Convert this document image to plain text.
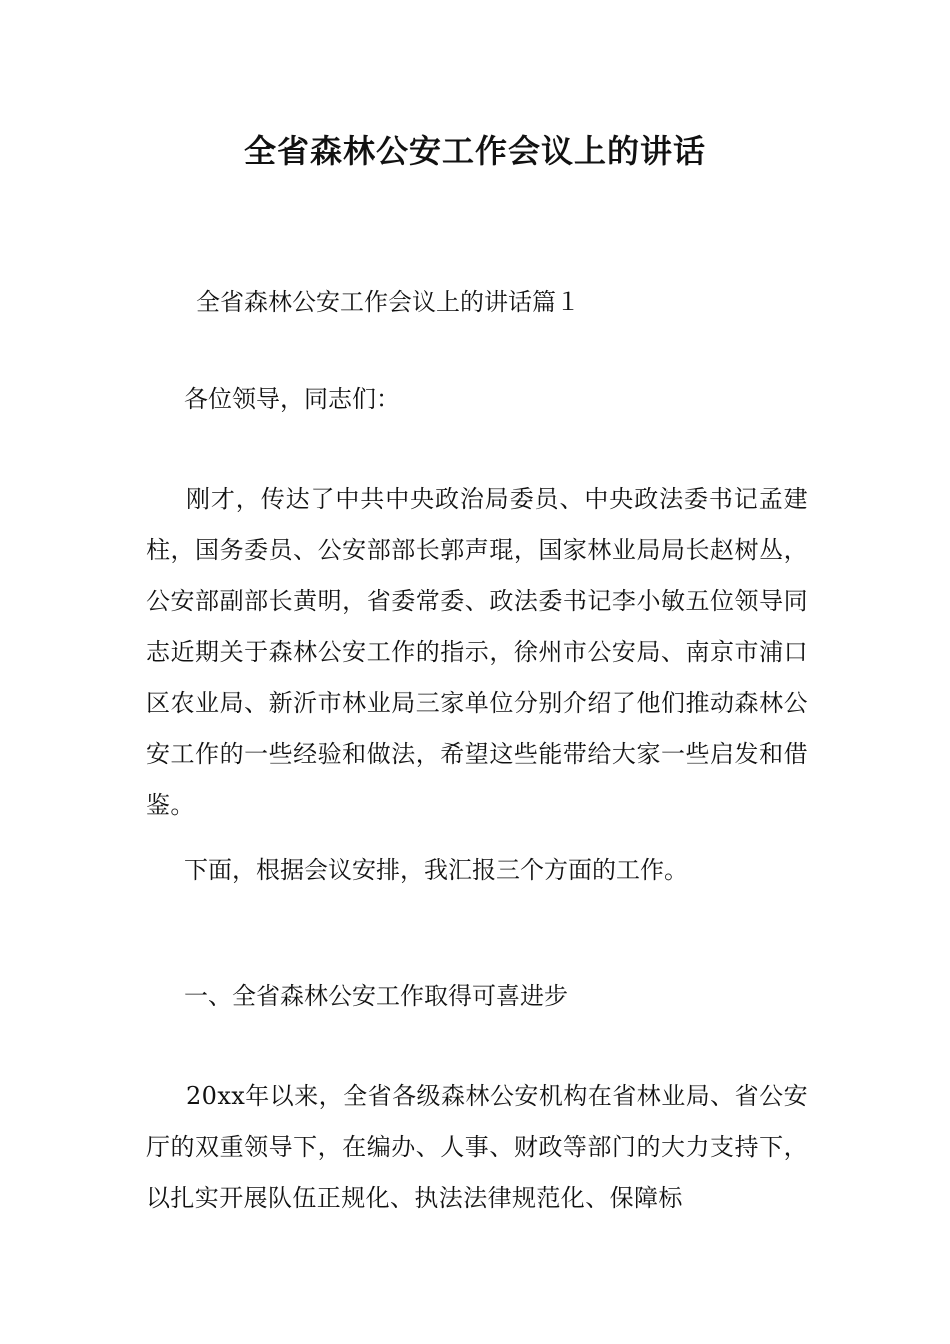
全省森林公安工作会议上的讲话

全省森林公安工作会议上的讲话篇１

各位领导，同志们：

刚才，传达了中共中央政治局委员、中央政法委书记孟建柱，国务委员、公安部部长郭声琨，国家林业局局长赵树丛，公安部副部长黄明，省委常委、政法委书记李小敏五位领导同志近期关于森林公安工作的指示，徐州市公安局、南京市浦口区农业局、新沂市林业局三家单位分别介绍了他们推动森林公安工作的一些经验和做法，希望这些能带给大家一些启发和借鉴。

下面，根据会议安排，我汇报三个方面的工作。

一、全省森林公安工作取得可喜进步

20xx年以来，全省各级森林公安机构在省林业局、省公安厅的双重领导下，在编办、人事、财政等部门的大力支持下，以扎实开展队伍正规化、执法法律规范化、保障标
